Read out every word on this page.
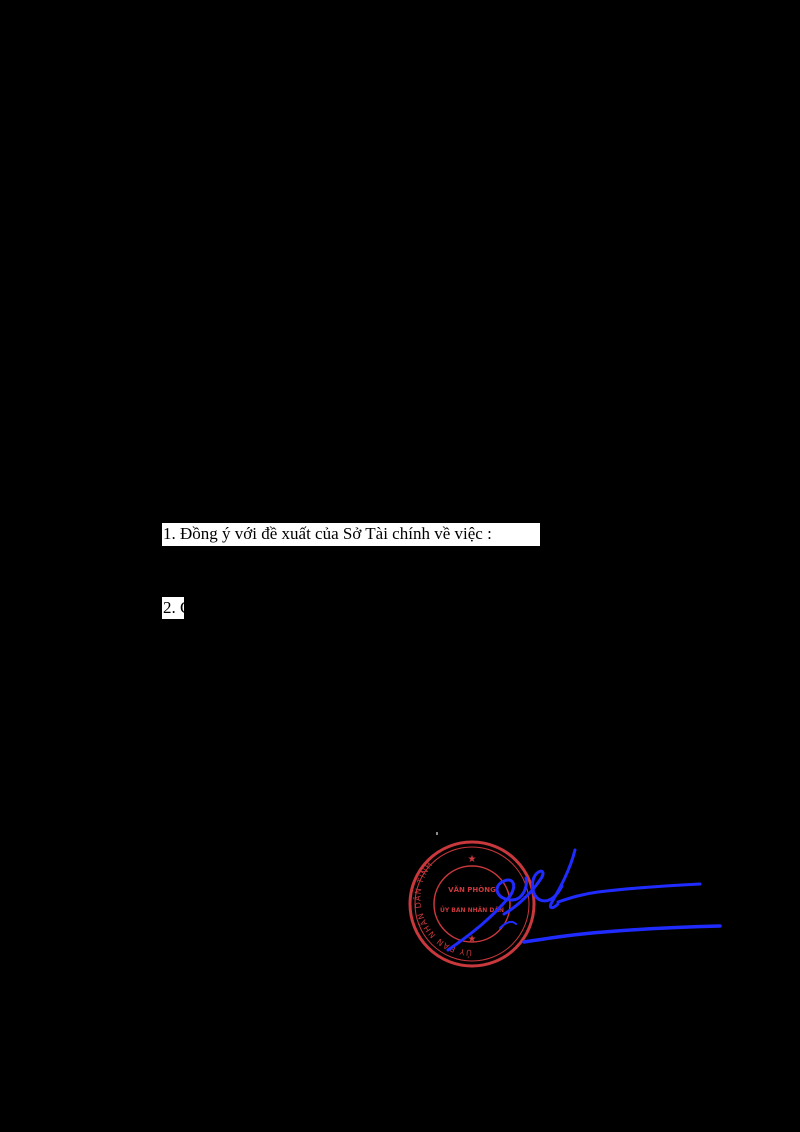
1. Đồng ý với đề xuất của Sở Tài chính về việc :
2. C
ỦY BAN NHÂN DÂN TỈNH
VĂN PHÒNG
ỦY BAN NHÂN DÂN
★
★
